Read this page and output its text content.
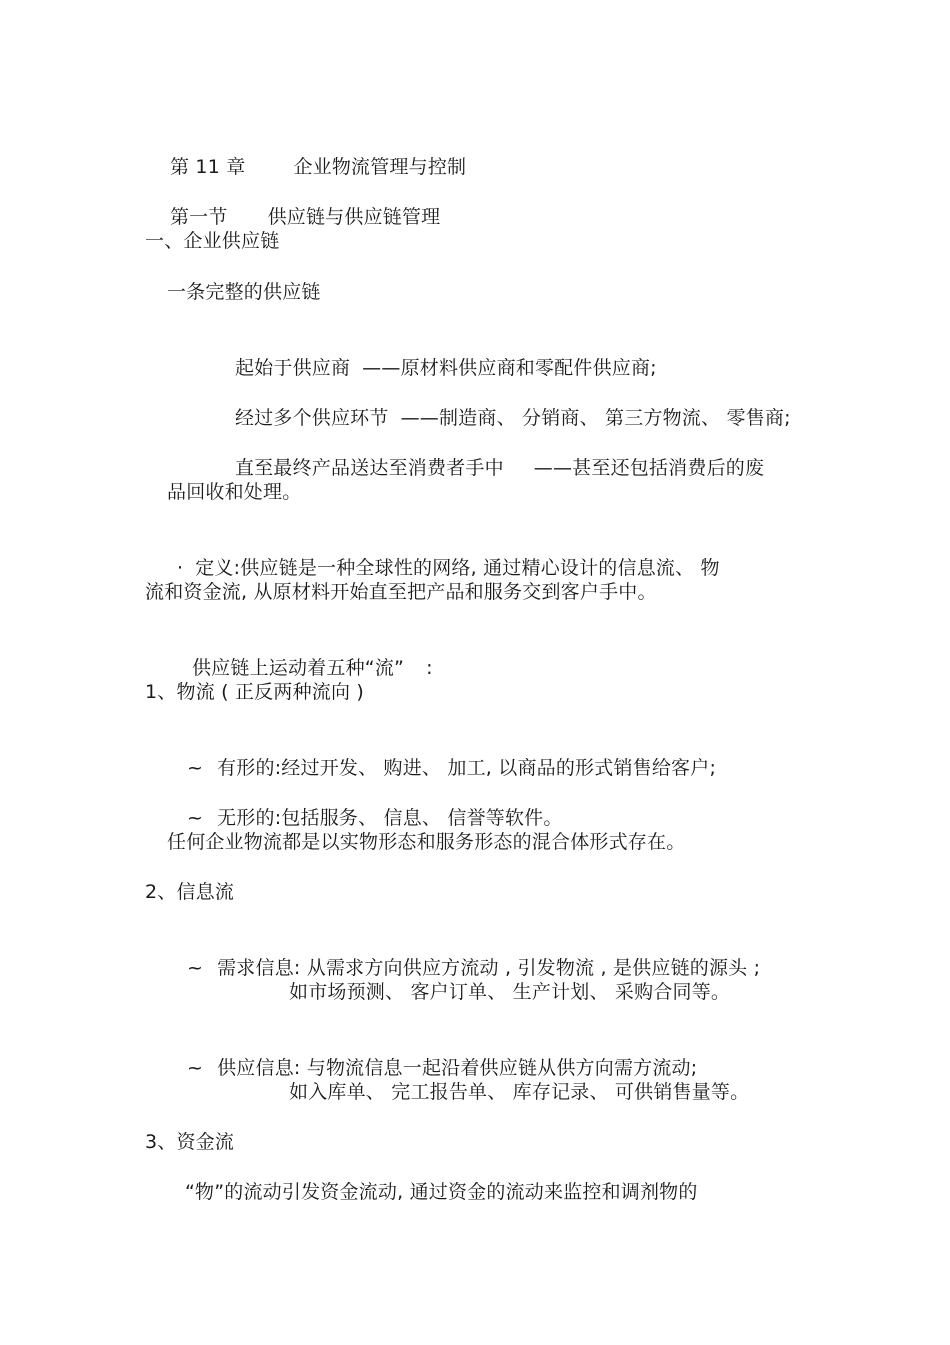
第 11 章	企业物流管理与控制

第一节 供应链与供应链管理

一、企业供应链
一条完整的供应链

起始于供应商 ——原材料供应商和零配件供应商;

经过多个供应环节 ——制造商、 分销商、 第三方物流、 零售商;

直至最终产品送达至消费者手中 ——甚至还包括消费后的废

品回收和处理。

· 定义:供应链是一种全球性的网络, 通过精心设计的信息流、 物

流和资金流, 从原材料开始直至把产品和服务交到客户手中。

供应链上运动着五种“流” :

1、物流 ( 正反两种流向 )

~ 有形的:经过开发、 购进、 加工, 以商品的形式销售给客户;

~ 无形的:包括服务、 信息、 信誉等软件。

任何企业物流都是以实物形态和服务形态的混合体形式存在。
2、信息流

~ 需求信息: 从需求方向供应方流动 , 引发物流 , 是供应链的源头 ;

如市场预测、 客户订单、 生产计划、 采购合同等。

~ 供应信息: 与物流信息一起沿着供应链从供方向需方流动;

如入库单、 完工报告单、 库存记录、 可供销售量等。
3、资金流
“物”的流动引发资金流动, 通过资金的流动来监控和调剂物的
